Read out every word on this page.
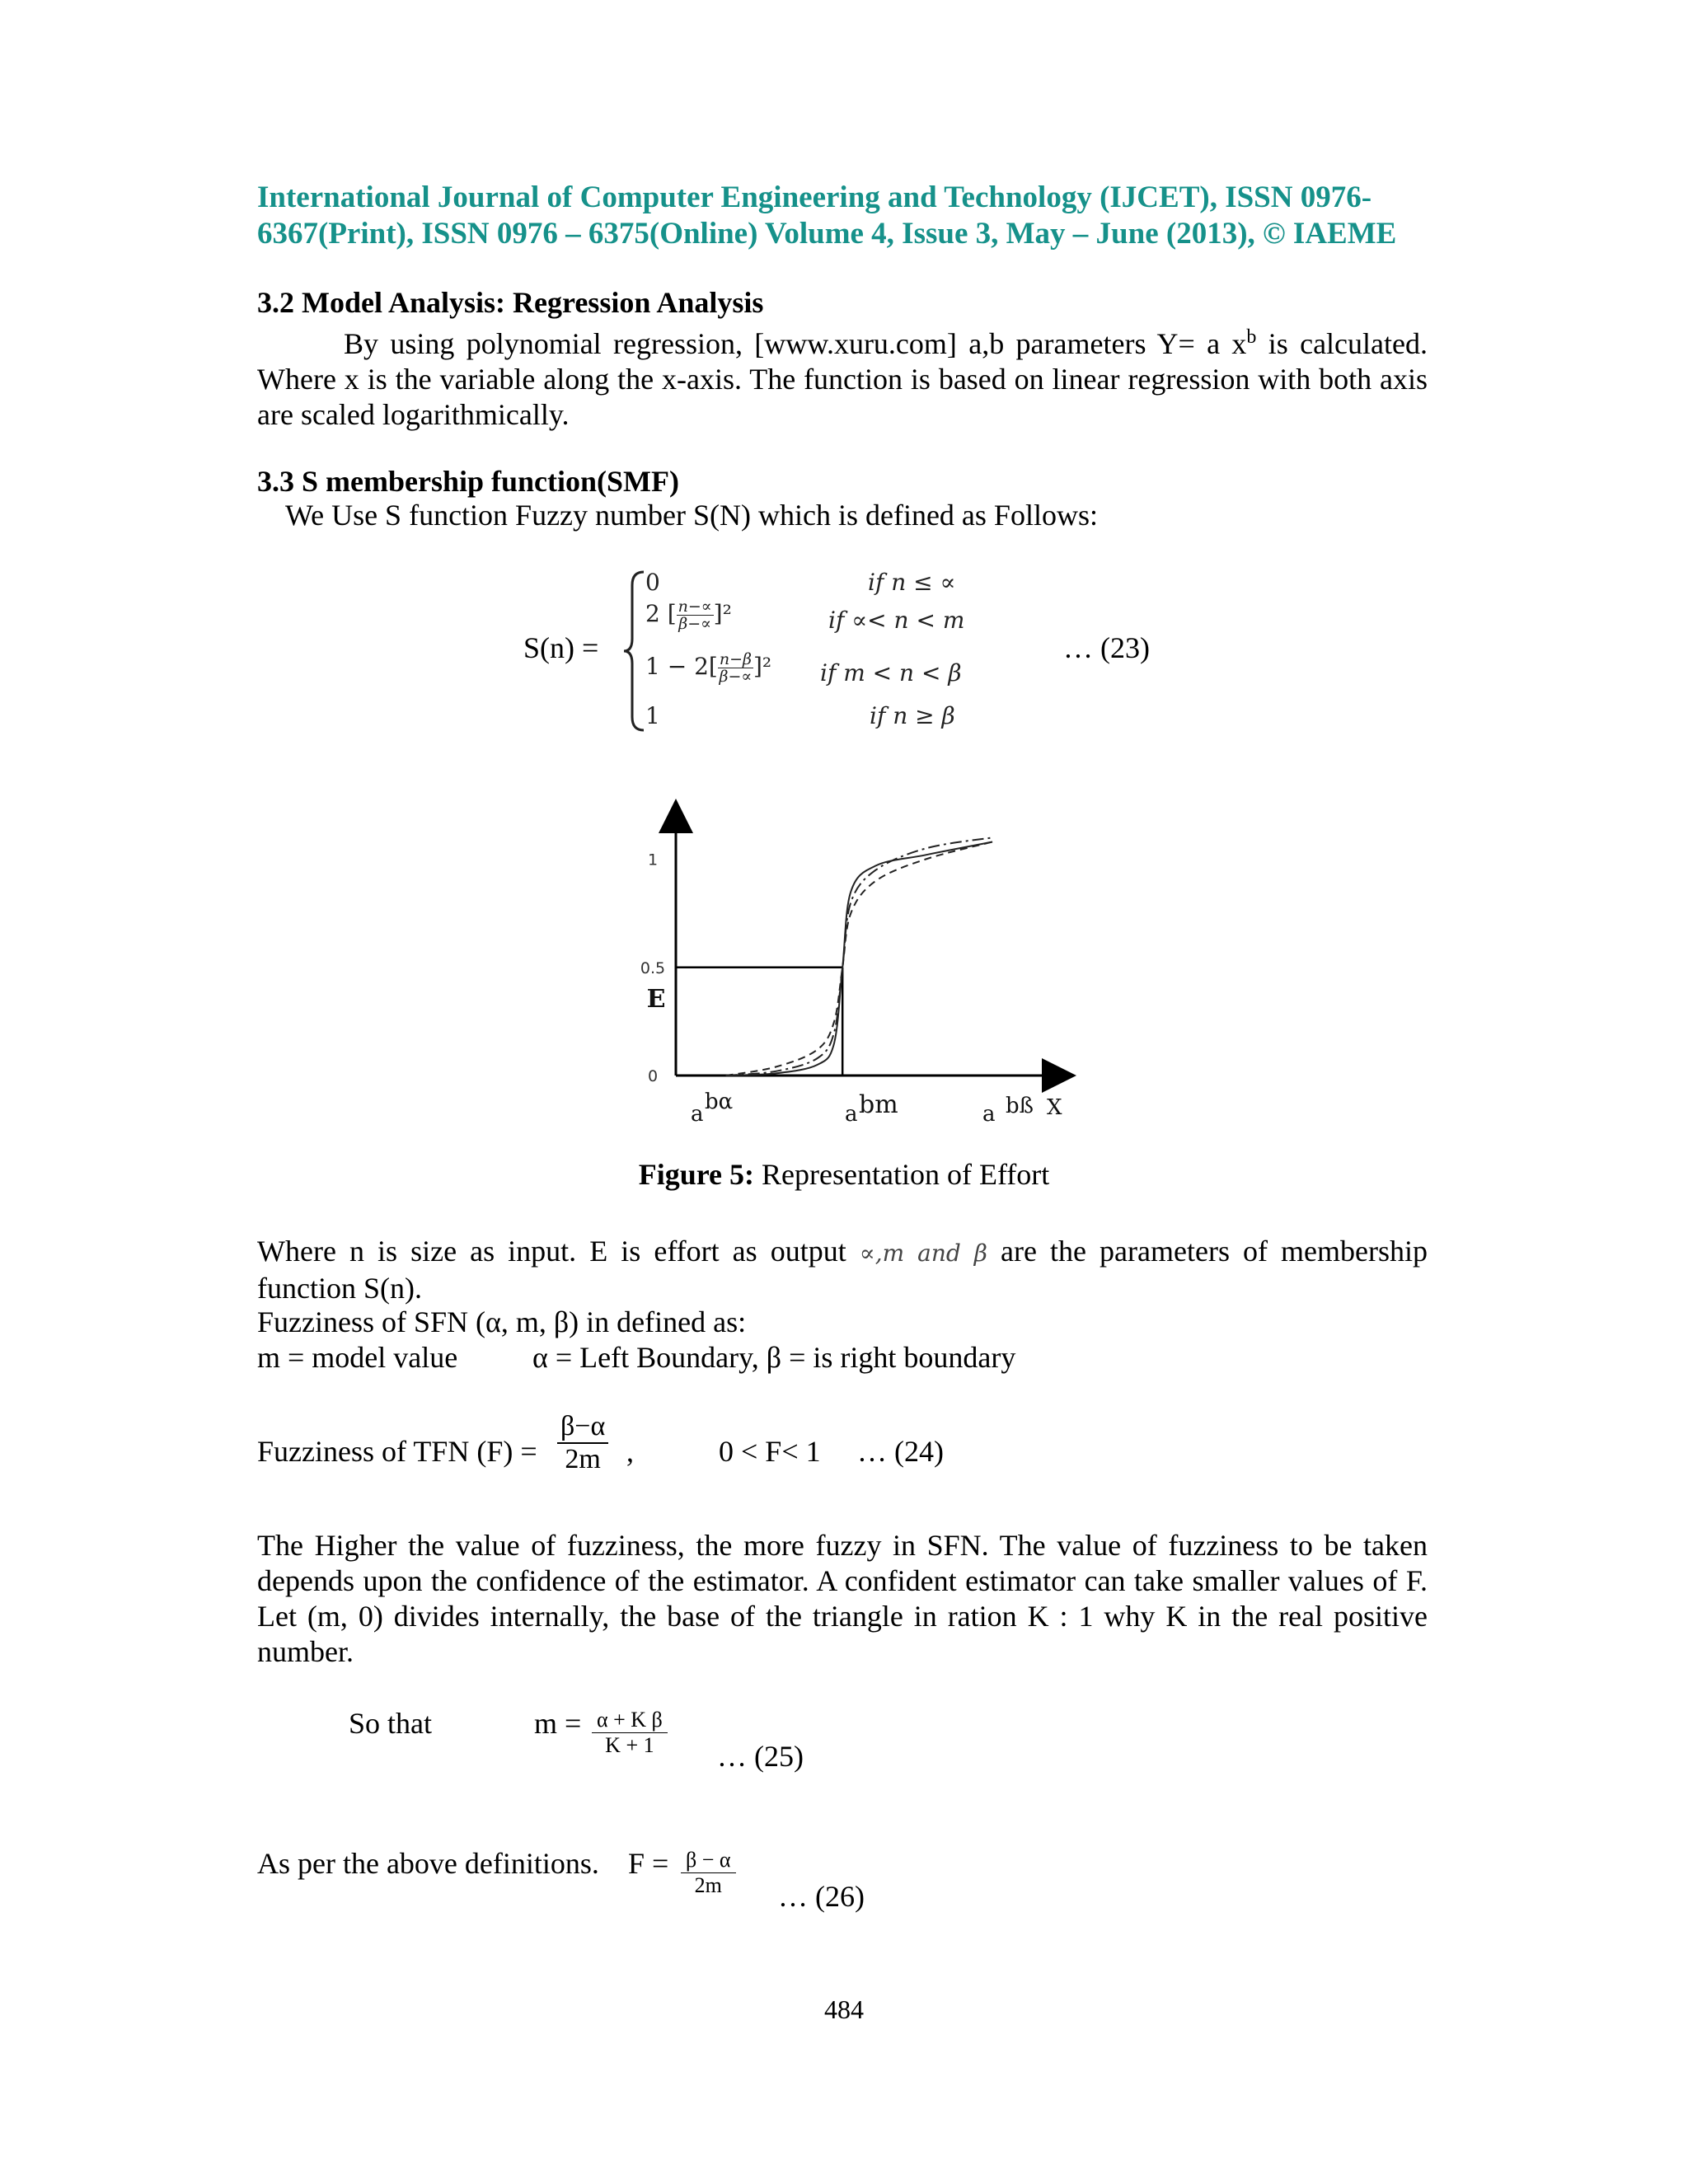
International Journal of Computer Engineering and Technology (IJCET), ISSN 0976-
6367(Print), ISSN 0976 – 6375(Online) Volume 4, Issue 3, May – June (2013), © IAEME
3.2 Model Analysis: Regression Analysis
By using polynomial regression, [www.xuru.com] a,b parameters Y= a $x^b$ is calculated. Where x is the variable along the x-axis. The function is based on linear regression with both axis are scaled logarithmically.
3.3 S membership function(SMF)
We Use S function Fuzzy number S(N) which is defined as Follows:
S(n) =
0
2 [ $\frac{n-\propto}{\beta-\propto} ]^2$
$1 - 2[ \frac{n-\beta}{\beta-\propto} ]^2$
1
if n ≤ ∝
if ∝< n < m
if m < n < β
if n ≥ β
… (23)
0
0.5
1
E
a bα	a bm	a bß X
Figure 5: Representation of Effort
Where n is size as input. E is effort as output ∝,m and β are the parameters of membership function S(n).
Fuzziness of SFN (α, m, β) in defined as:
m = model value	α = Left Boundary, β = is right boundary
Fuzziness of TFN $(F) = \frac{\beta-\alpha}{2m}$ ,	0 < F< 1 … (24)
The Higher the value of fuzziness, the more fuzzy in SFN. The value of fuzziness to be taken depends upon the confidence of the estimator. A confident estimator can take smaller values of F. Let (m, 0) divides internally, the base of the triangle in ration K : 1 why K in the real positive number.
So that	$m = \frac{\text{α + K β}}{K + 1}$ … (25)
As per the above definitions. $F = \frac{\beta - \alpha}{2m}$ … (26)
484
